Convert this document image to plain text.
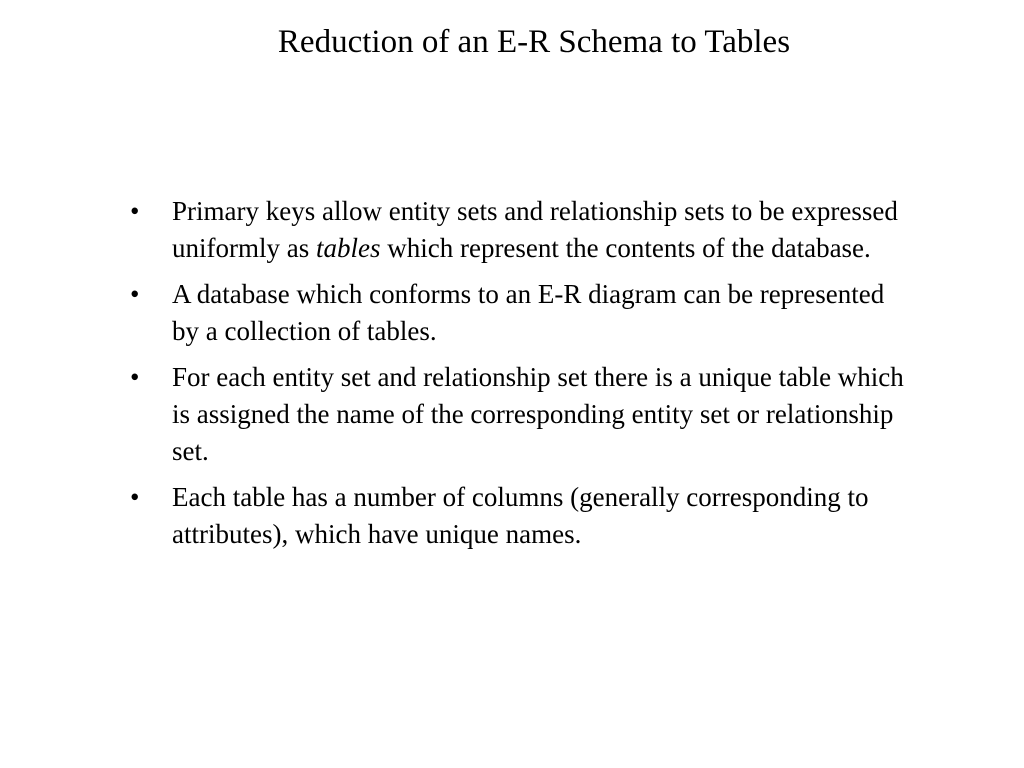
Reduction of an E-R Schema to Tables
• Primary keys allow entity sets and relationship sets to be expressed uniformly as tables which represent the contents of the database.
• A database which conforms to an E-R diagram can be represented by a collection of tables.
• For each entity set and relationship set there is a unique table which is assigned the name of the corresponding entity set or relationship set.
• Each table has a number of columns (generally corresponding to attributes), which have unique names.
